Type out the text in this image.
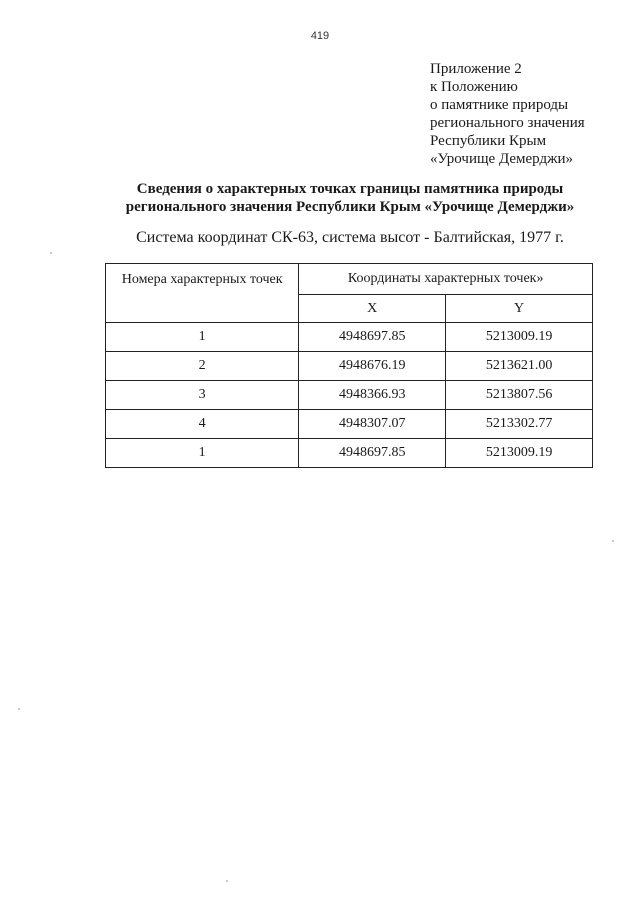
419
Приложение 2
к Положению
о памятнике природы
регионального значения
Республики Крым
«Урочище Демерджи»
Сведения о характерных точках границы памятника природы
регионального значения Республики Крым «Урочище Демерджи»
Система координат СК-63, система высот - Балтийская, 1977 г.
Номера характерных точек	Координаты характерных точек»	
	X	Y
1	4948697.85	5213009.19
2	4948676.19	5213621.00
3	4948366.93	5213807.56
4	4948307.07	5213302.77
1	4948697.85	5213009.19
